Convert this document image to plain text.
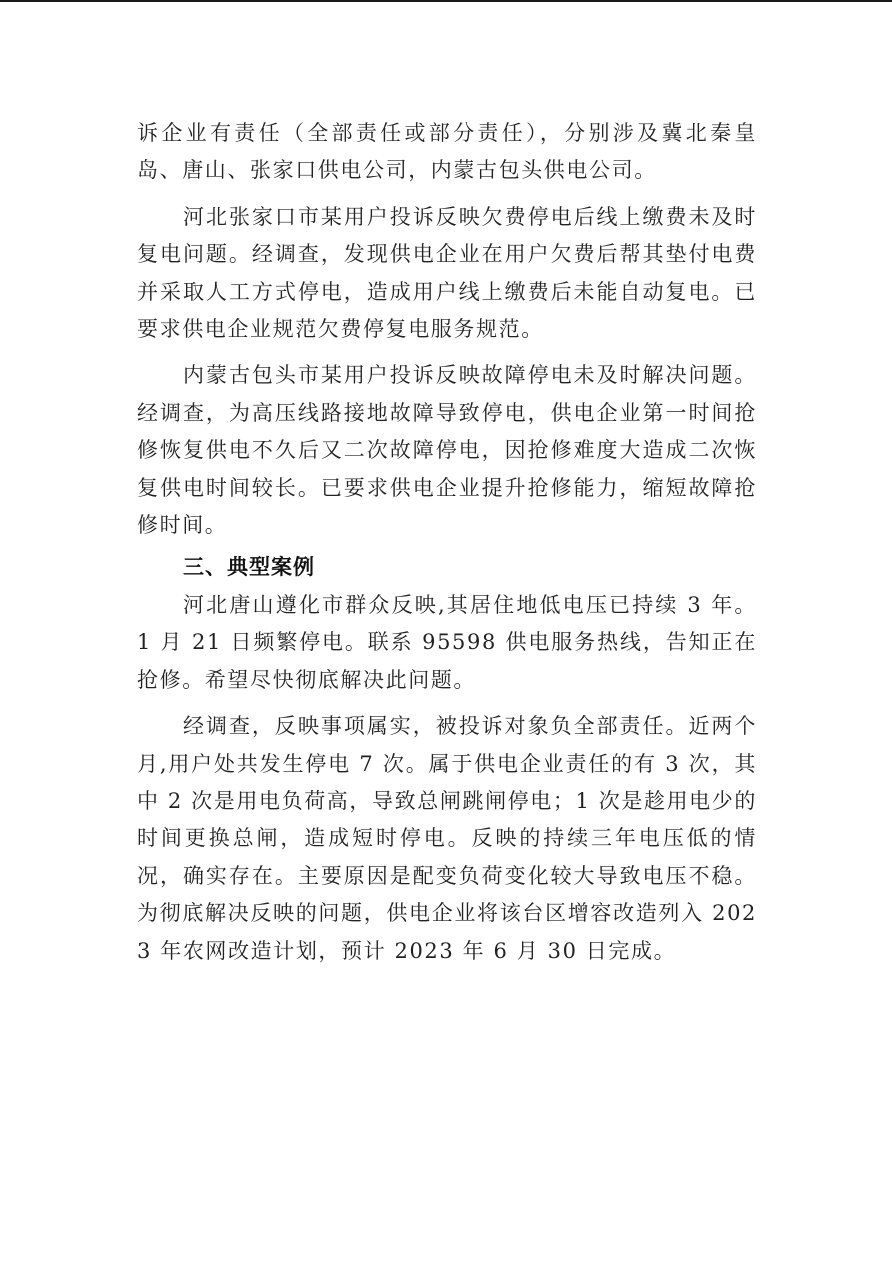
诉企业有责任（全部责任或部分责任），分别涉及冀北秦皇岛、唐山、张家口供电公司，内蒙古包头供电公司。

河北张家口市某用户投诉反映欠费停电后线上缴费未及时复电问题。经调查，发现供电企业在用户欠费后帮其垫付电费并采取人工方式停电，造成用户线上缴费后未能自动复电。已要求供电企业规范欠费停复电服务规范。

内蒙古包头市某用户投诉反映故障停电未及时解决问题。经调查，为高压线路接地故障导致停电，供电企业第一时间抢修恢复供电不久后又二次故障停电，因抢修难度大造成二次恢复供电时间较长。已要求供电企业提升抢修能力，缩短故障抢修时间。

三、典型案例

河北唐山遵化市群众反映,其居住地低电压已持续 3 年。1 月 21 日频繁停电。联系 95598 供电服务热线，告知正在抢修。希望尽快彻底解决此问题。

经调查，反映事项属实，被投诉对象负全部责任。近两个月,用户处共发生停电 7 次。属于供电企业责任的有 3 次，其中 2 次是用电负荷高，导致总闸跳闸停电；1 次是趁用电少的时间更换总闸，造成短时停电。反映的持续三年电压低的情况，确实存在。主要原因是配变负荷变化较大导致电压不稳。为彻底解决反映的问题，供电企业将该台区增容改造列入 2023 年农网改造计划，预计 2023 年 6 月 30 日完成。
